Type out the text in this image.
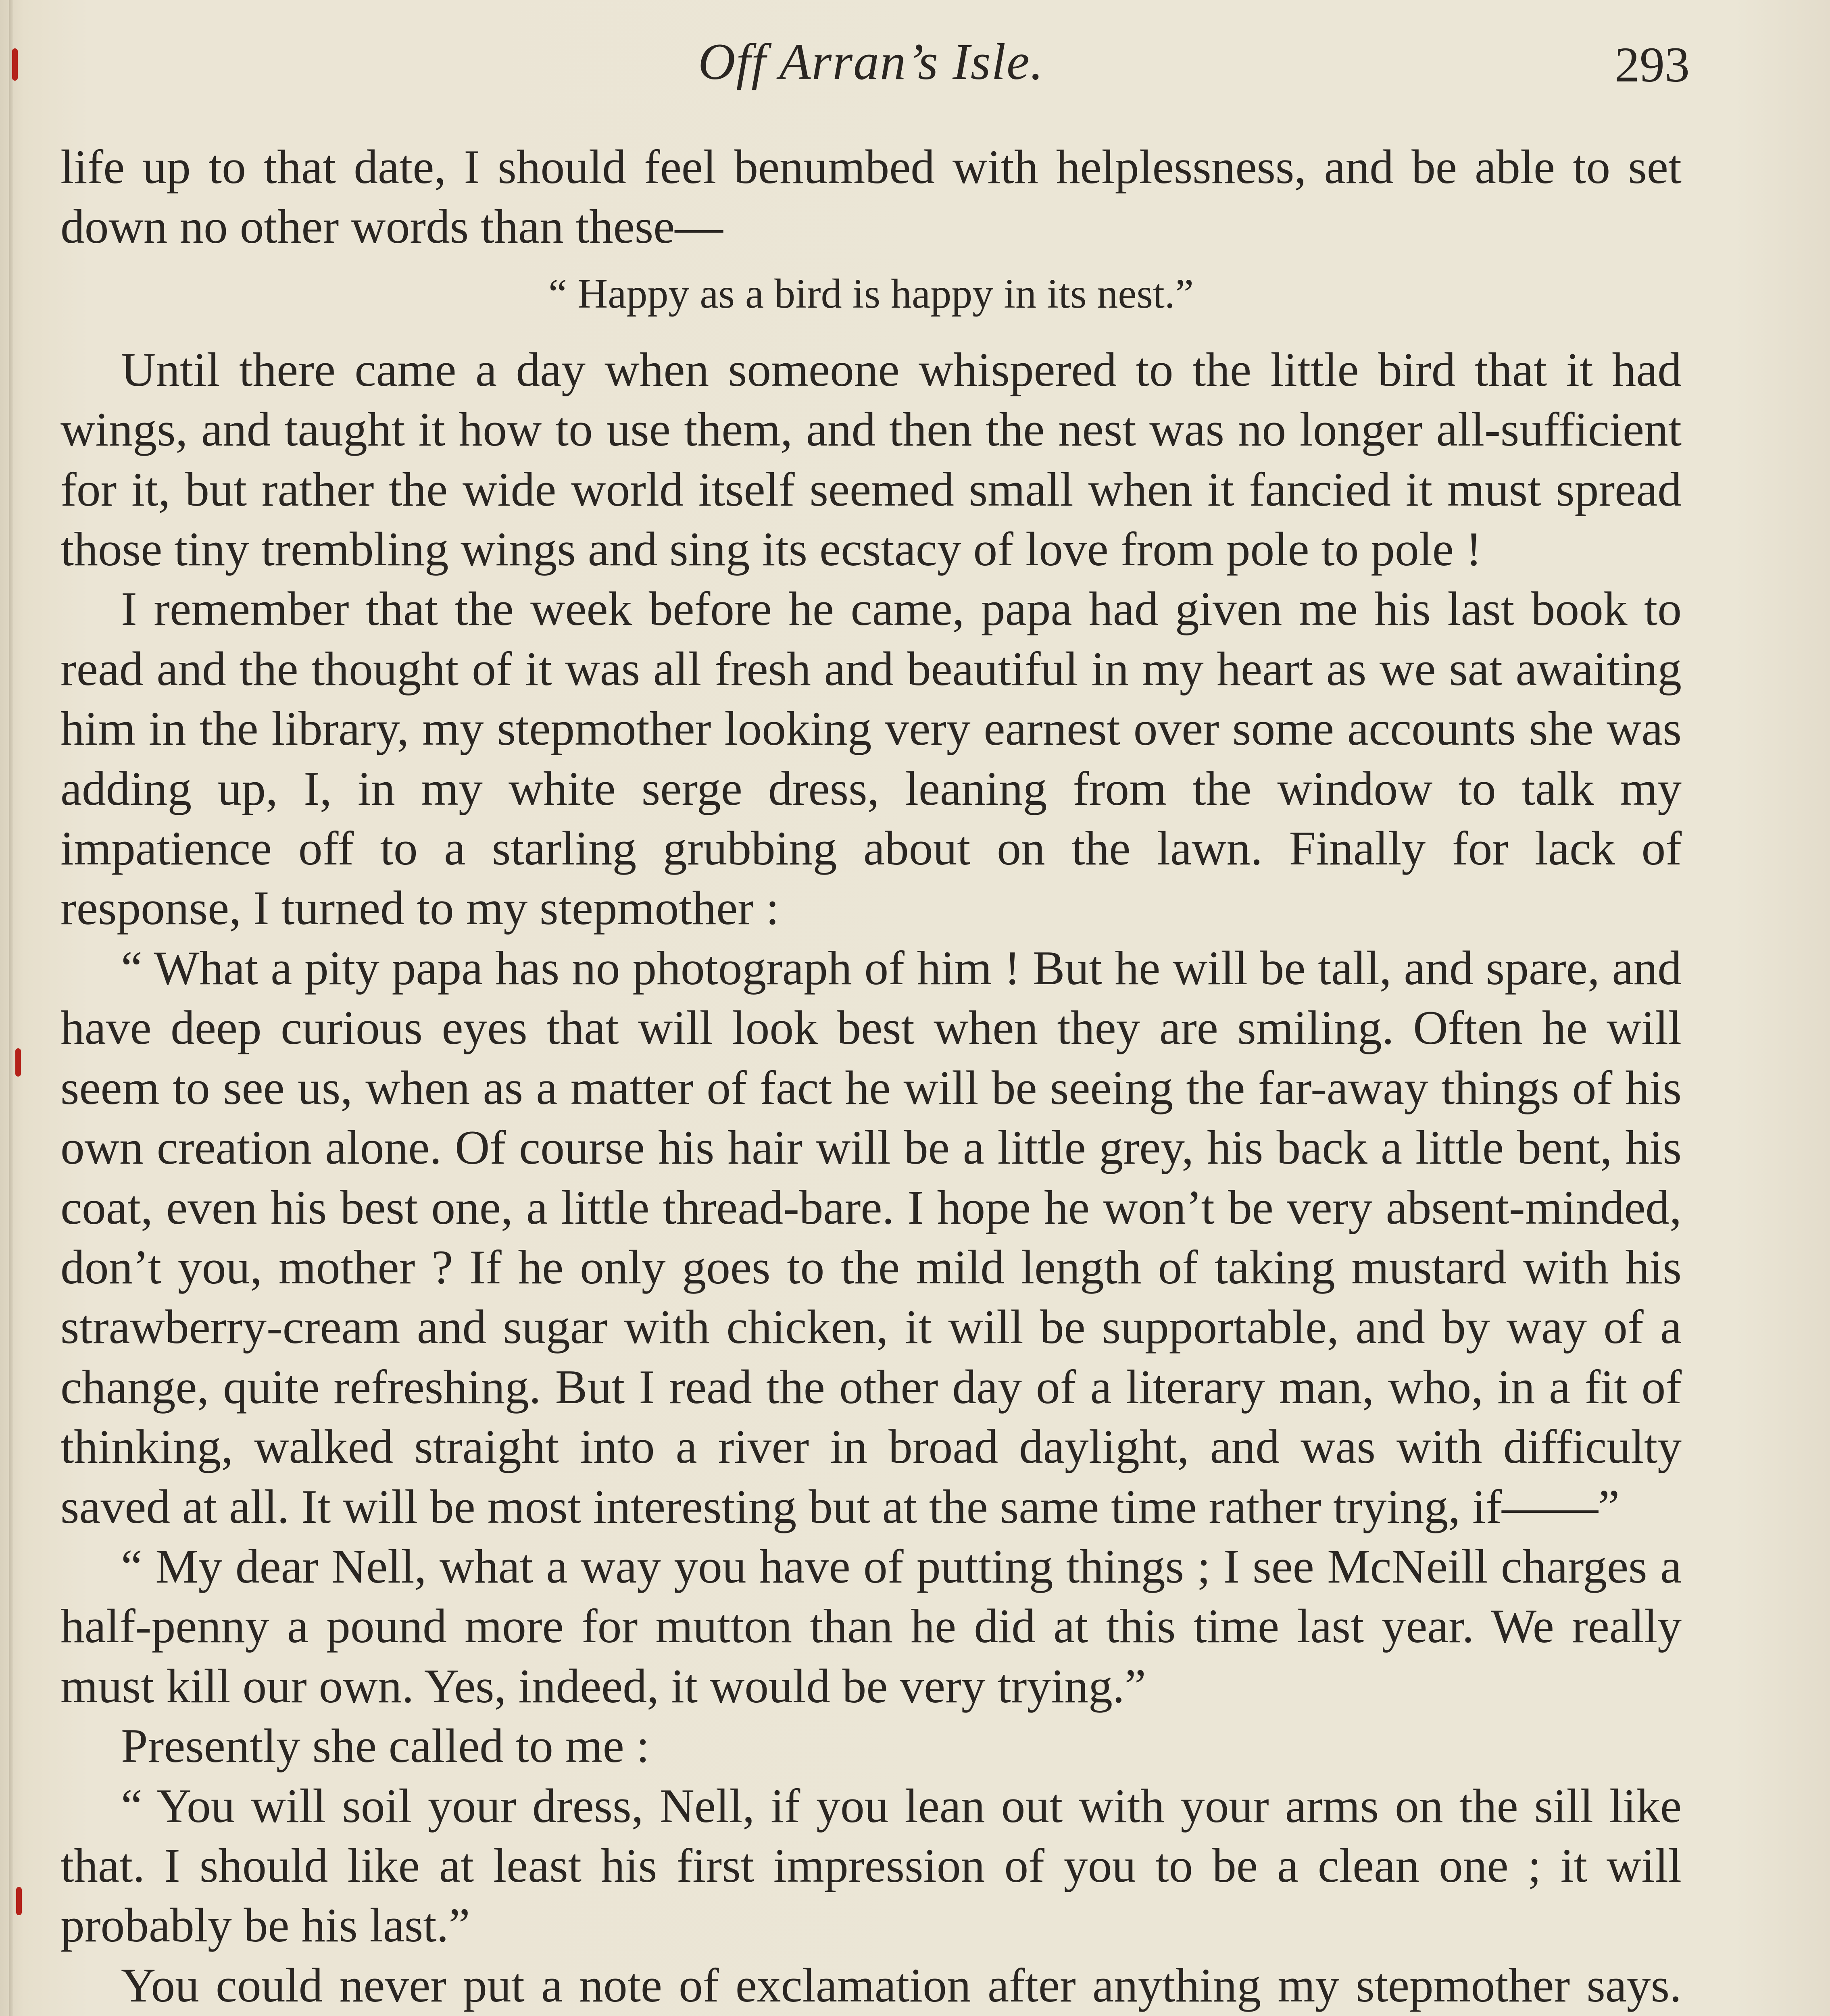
Off Arran’s Isle.	293

life up to that date, I should feel benumbed with helplessness, and be able to set down no other words than these—

“ Happy as a bird is happy in its nest.”

Until there came a day when someone whispered to the little bird that it had wings, and taught it how to use them, and then the nest was no longer all-sufficient for it, but rather the wide world itself seemed small when it fancied it must spread those tiny trembling wings and sing its ecstacy of love from pole to pole !

I remember that the week before he came, papa had given me his last book to read and the thought of it was all fresh and beautiful in my heart as we sat awaiting him in the library, my stepmother looking very earnest over some accounts she was adding up, I, in my white serge dress, leaning from the window to talk my impatience off to a starling grubbing about on the lawn. Finally for lack of response, I turned to my stepmother :

“ What a pity papa has no photograph of him ! But he will be tall, and spare, and have deep curious eyes that will look best when they are smiling. Often he will seem to see us, when as a matter of fact he will be seeing the far-away things of his own creation alone. Of course his hair will be a little grey, his back a little bent, his coat, even his best one, a little thread-bare. I hope he won’t be very absent-minded, don’t you, mother ? If he only goes to the mild length of taking mustard with his strawberry-cream and sugar with chicken, it will be supportable, and by way of a change, quite refreshing. But I read the other day of a literary man, who, in a fit of thinking, walked straight into a river in broad daylight, and was with difficulty saved at all. It will be most interesting but at the same time rather trying, if——”

“ My dear Nell, what a way you have of putting things ; I see McNeill charges a half-penny a pound more for mutton than he did at this time last year. We really must kill our own. Yes, indeed, it would be very trying.”

Presently she called to me :

“ You will soil your dress, Nell, if you lean out with your arms on the sill like that. I should like at least his first impression of you to be a clean one ; it will probably be his last.”

You could never put a note of exclamation after anything my stepmother says.
